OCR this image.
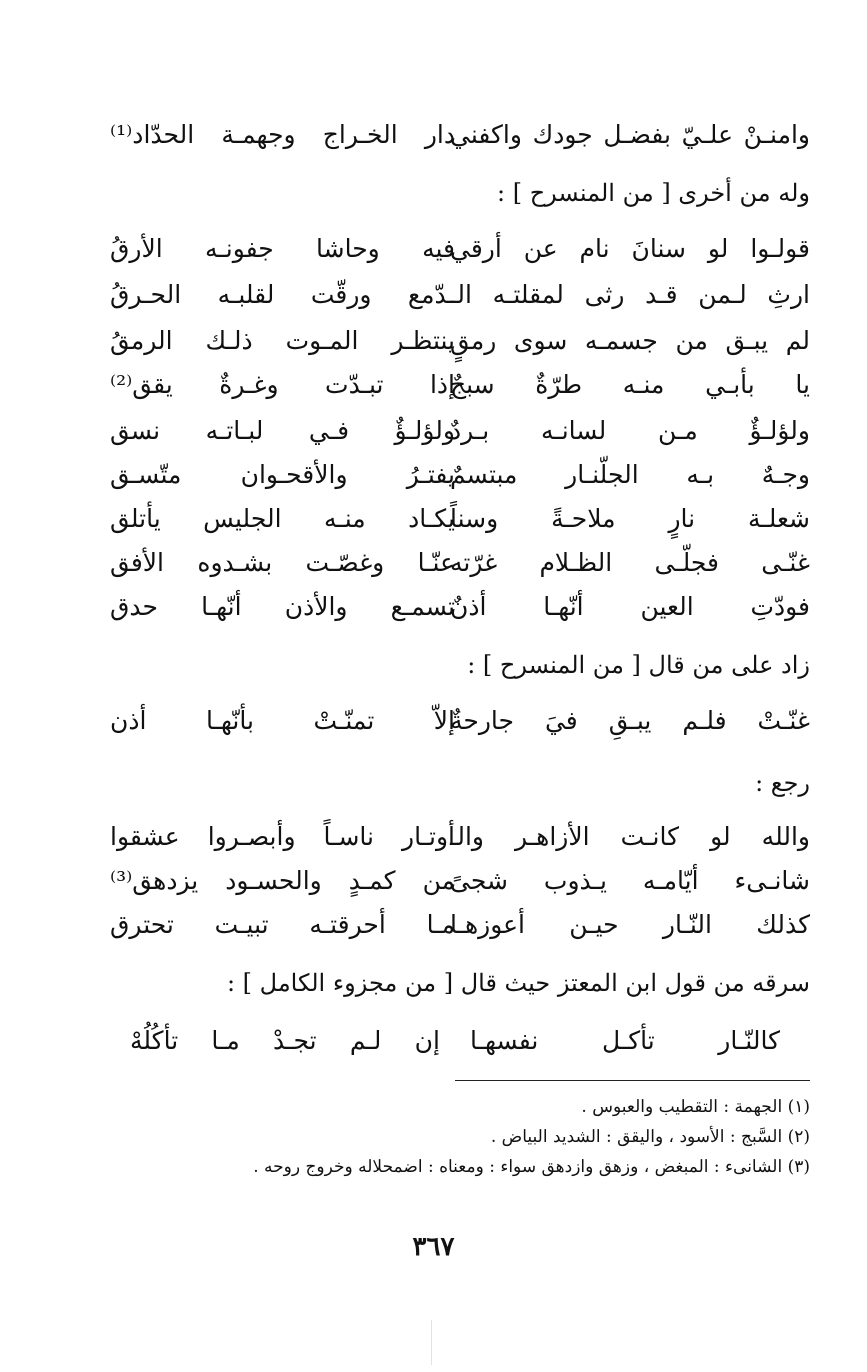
وامنـنْ علـيّ بفضـل جودك واكفني
دار الخـراج وجهمـة الحدّاد⁽¹⁾
وله من أخرى [ من المنسرح ] :
قولـوا لو سنانَ نام عن أرقي
فيه وحاشا جفونـه الأرقُ
ارثِ لـمن قـد رثى لمقلتـه الـ
ـدّمع ورقّت لقلبـه الحـرقُ
لم يبـق من جسمـه سوى رمقٍ
ينتظـر المـوت ذلـك الرمقُ
يا بأبـي منـه طرّةٌ سبجٌ
إذا تبـدّت وغـرةٌ يقق⁽²⁾
ولؤلـؤٌ مـن لسانـه بـردٌ
ولؤلـؤٌ فـي لبـاتـه نسق
وجـهٌ بـه الجلّنـار مبتسمٌ
يفتـرُ والأقحـوان متّسـق
شعلـة نارٍ ملاحـةً وسناً
يكـاد منـه الجليس يأتلق
غنّـى فجلّـى الظـلام غرّته
عنّـا وغصّـت بشـدوه الأفق
فودّتِ العين أنّهـا أذنٌ
تسمـع والأذن أنّهـا حدق
زاد على من قال [ من المنسرح ] :
غنّـتْ فلـم يبـقِ فيَ جارحةٌ
إلاّ تمنّـتْ بأنّهـا أذن
رجع :
والله لو كانـت الأزاهـر والـ
أوتـار ناسـاً وأبصـروا عشقوا
شانـىء أيّامـه يـذوب شجىً
من كمـدٍ والحسـود يزدهق⁽³⁾
كذلك النّـار حيـن أعوزهـا
مـا أحرقتـه تبيـت تحترق
سرقه من قول ابن المعتز حيث قال [ من مجزوء الكامل ] :
كالنّـار تأكـل نفسهـا
إن لـم تجـدْ مـا تأكُلُهْ
(١) الجهمة : التقطيب والعبوس .
(٢) السَّبج : الأسود ، واليقق : الشديد البياض .
(٣) الشانىء : المبغض ، وزهق وازدهق سواء : ومعناه : اضمحلاله وخروج روحه .
٣٦٧
